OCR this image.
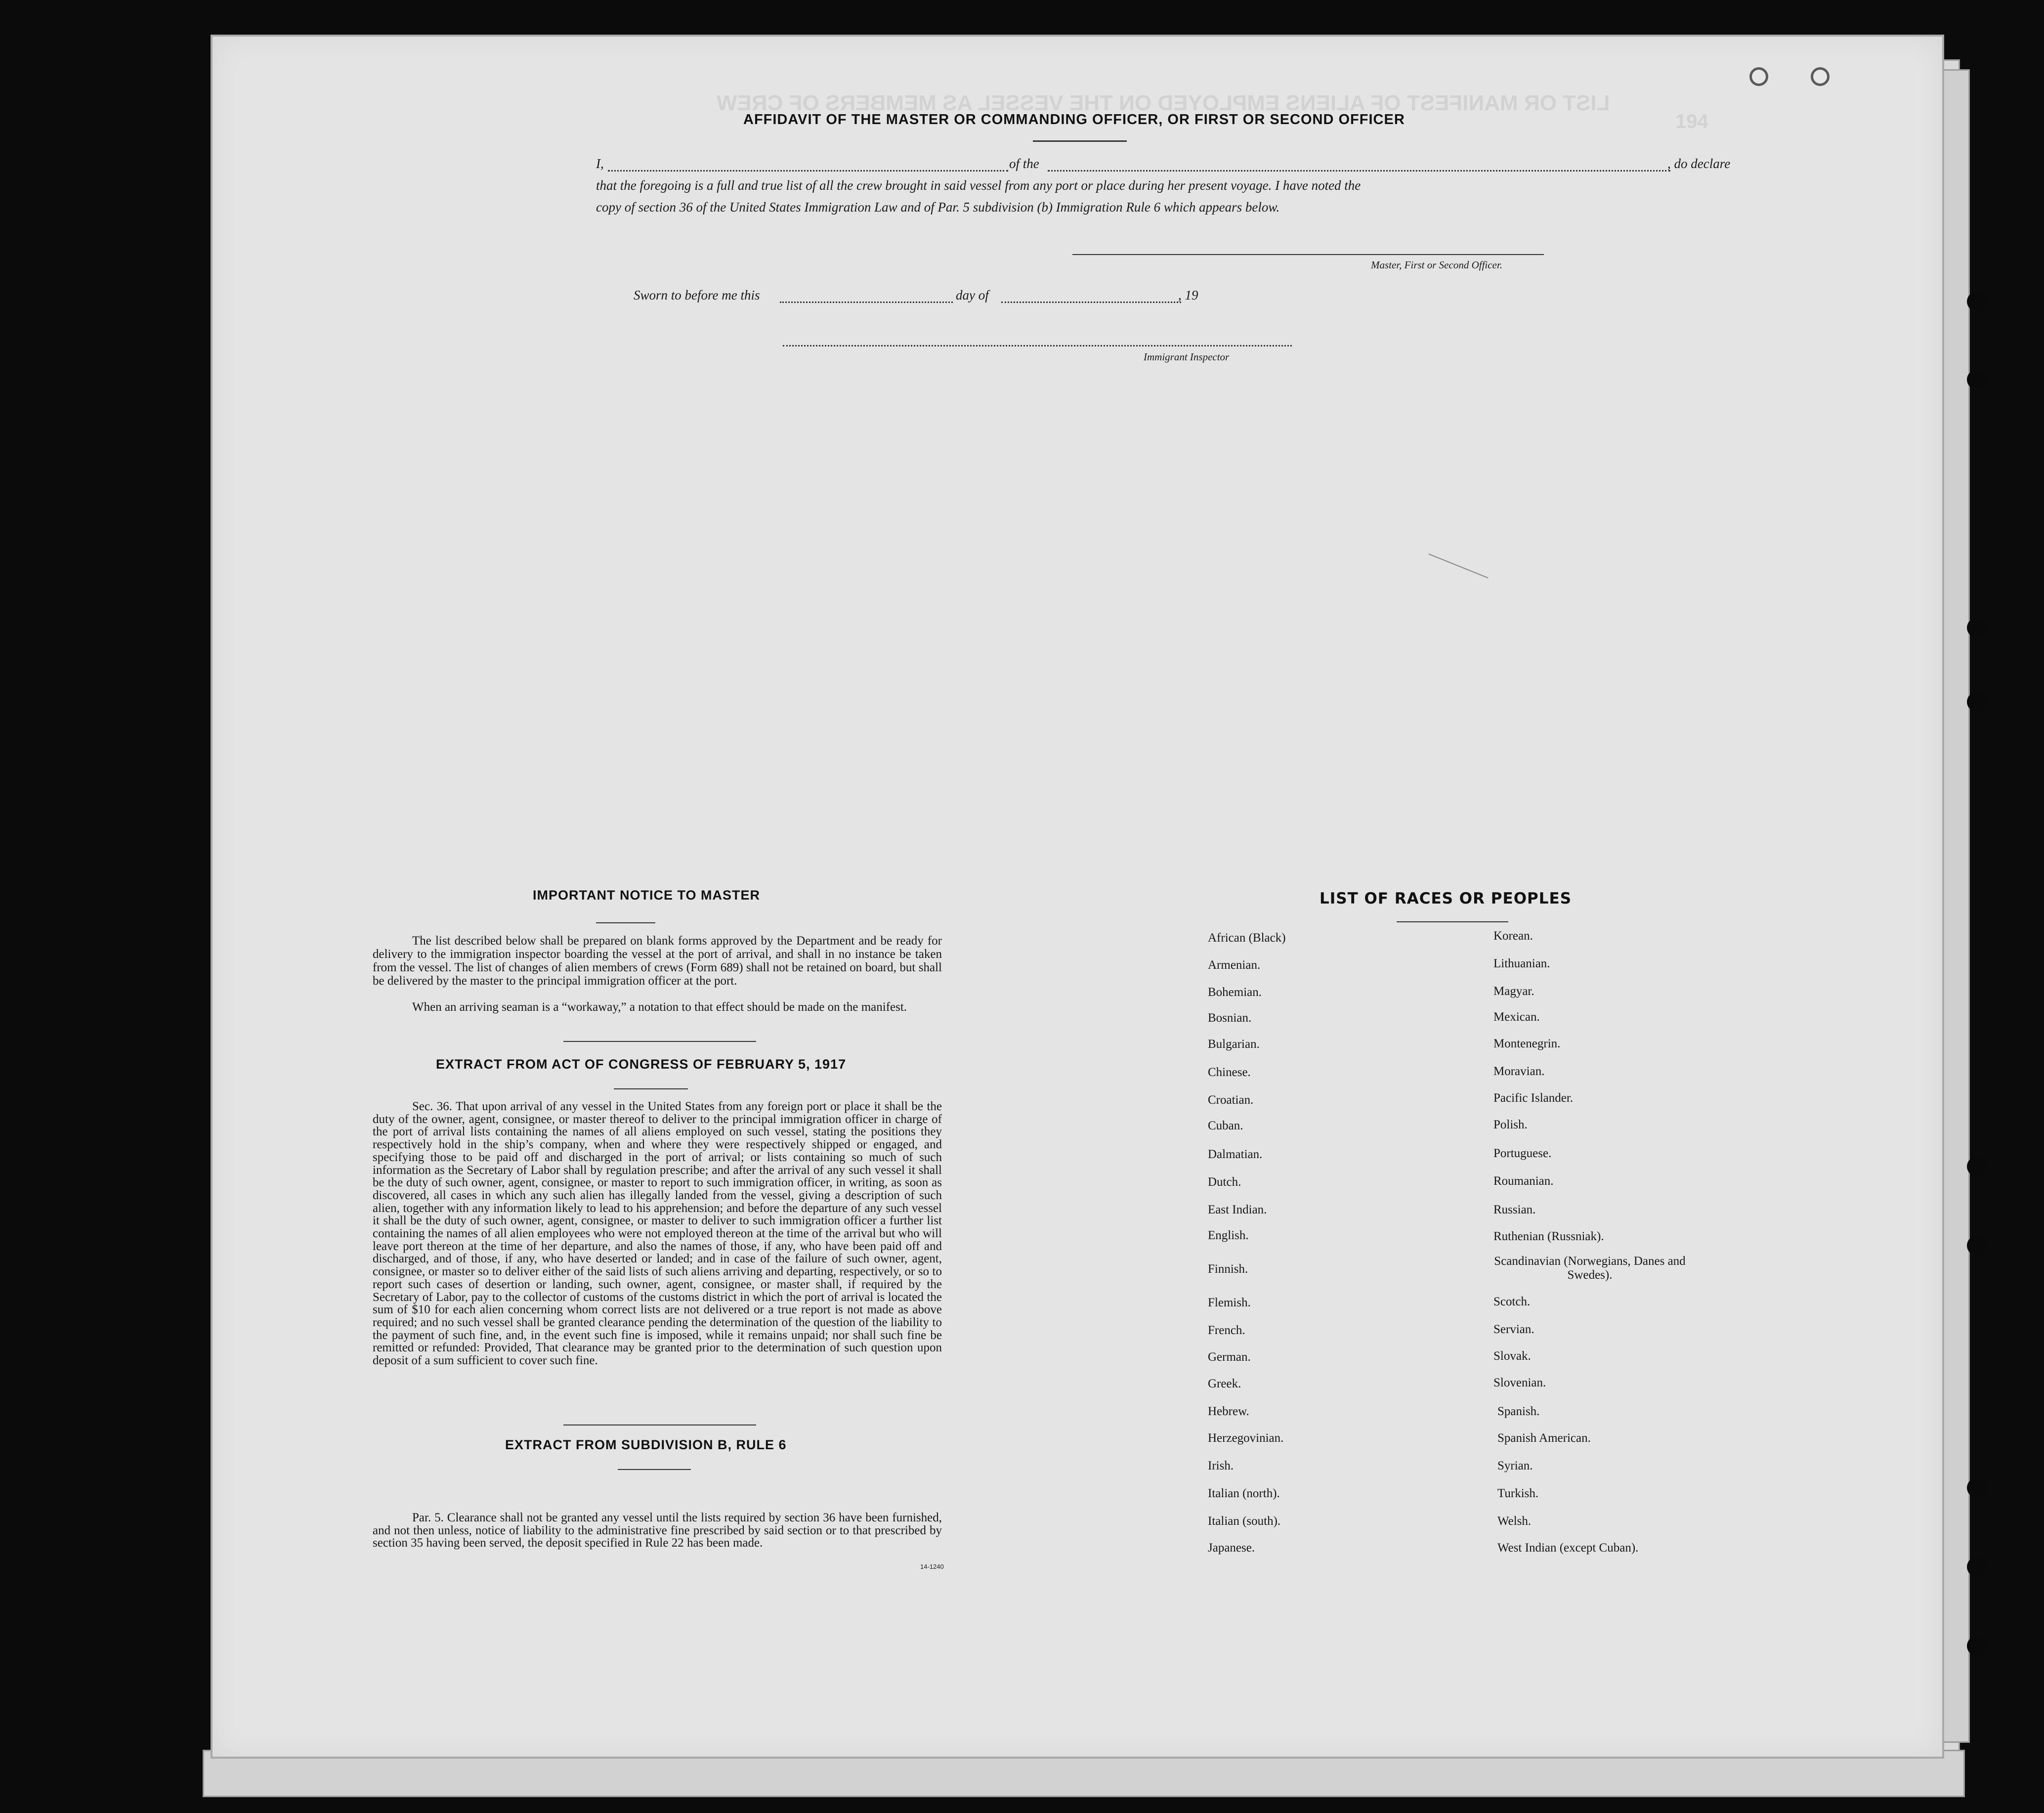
LIST OR MANIFEST OF ALIENS EMPLOYED ON THE VESSEL AS MEMBERS OF CREW
194
AFFIDAVIT OF THE MASTER OR COMMANDING OFFICER, OR FIRST OR SECOND OFFICER
I,	of the	, do declare
that the foregoing is a full and true list of all the crew brought in said vessel from any port or place during her present voyage. I have noted the
copy of section 36 of the United States Immigration Law and of Par. 5 subdivision (b) Immigration Rule 6 which appears below.
Master, First or Second Officer.
Sworn to before me this	day of	, 19
Immigrant Inspector
IMPORTANT NOTICE TO MASTER

The list described below shall be prepared on blank forms approved by the Department and be ready for delivery to the immigration inspector boarding the vessel at the port of arrival, and shall in no instance be taken from the vessel. The list of changes of alien members of crews (Form 689) shall not be retained on board, but shall be delivered by the master to the principal immigration officer at the port.

When an arriving seaman is a “workaway,” a notation to that effect should be made on the manifest.

EXTRACT FROM ACT OF CONGRESS OF FEBRUARY 5, 1917

Sec. 36. That upon arrival of any vessel in the United States from any foreign port or place it shall be the duty of the owner, agent, consignee, or master thereof to deliver to the principal immigration officer in charge of the port of arrival lists containing the names of all aliens employed on such vessel, stating the positions they respectively hold in the ship’s company, when and where they were respectively shipped or engaged, and specifying those to be paid off and discharged in the port of arrival; or lists containing so much of such information as the Secretary of Labor shall by regulation prescribe; and after the arrival of any such vessel it shall be the duty of such owner, agent, consignee, or master to report to such immigration officer, in writing, as soon as discovered, all cases in which any such alien has illegally landed from the vessel, giving a description of such alien, together with any information likely to lead to his apprehension; and before the departure of any such vessel it shall be the duty of such owner, agent, consignee, or master to deliver to such immigration officer a further list containing the names of all alien employees who were not employed thereon at the time of the arrival but who will leave port thereon at the time of her departure, and also the names of those, if any, who have been paid off and discharged, and of those, if any, who have deserted or landed; and in case of the failure of such owner, agent, consignee, or master so to deliver either of the said lists of such aliens arriving and departing, respectively, or so to report such cases of desertion or landing, such owner, agent, consignee, or master shall, if required by the Secretary of Labor, pay to the collector of customs of the customs district in which the port of arrival is located the sum of $10 for each alien concerning whom correct lists are not delivered or a true report is not made as above required; and no such vessel shall be granted clearance pending the determination of the question of the liability to the payment of such fine, and, in the event such fine is imposed, while it remains unpaid; nor shall such fine be remitted or refunded: Provided, That clearance may be granted prior to the determination of such question upon deposit of a sum sufficient to cover such fine.

EXTRACT FROM SUBDIVISION B, RULE 6

Par. 5. Clearance shall not be granted any vessel until the lists required by section 36 have been furnished, and not then unless, notice of liability to the administrative fine prescribed by said section or to that prescribed by section 35 having been served, the deposit specified in Rule 22 has been made.

14-1240
LIST OF RACES OR PEOPLES
African (Black)
Armenian.
Bohemian.
Bosnian.
Bulgarian.
Chinese.
Croatian.
Cuban.
Dalmatian.
Dutch.
East Indian.
English.
Finnish.
Flemish.
French.
German.
Greek.
Hebrew.
Herzegovinian.
Irish.
Italian (north).
Italian (south).
Japanese.
Korean.
Lithuanian.
Magyar.
Mexican.
Montenegrin.
Moravian.
Pacific Islander.
Polish.
Portuguese.
Roumanian.
Russian.
Ruthenian (Russniak).
Scandinavian (Norwegians, Danes and Swedes).
Scotch.
Servian.
Slovak.
Slovenian.
Spanish.
Spanish American.
Syrian.
Turkish.
Welsh.
West Indian (except Cuban).
